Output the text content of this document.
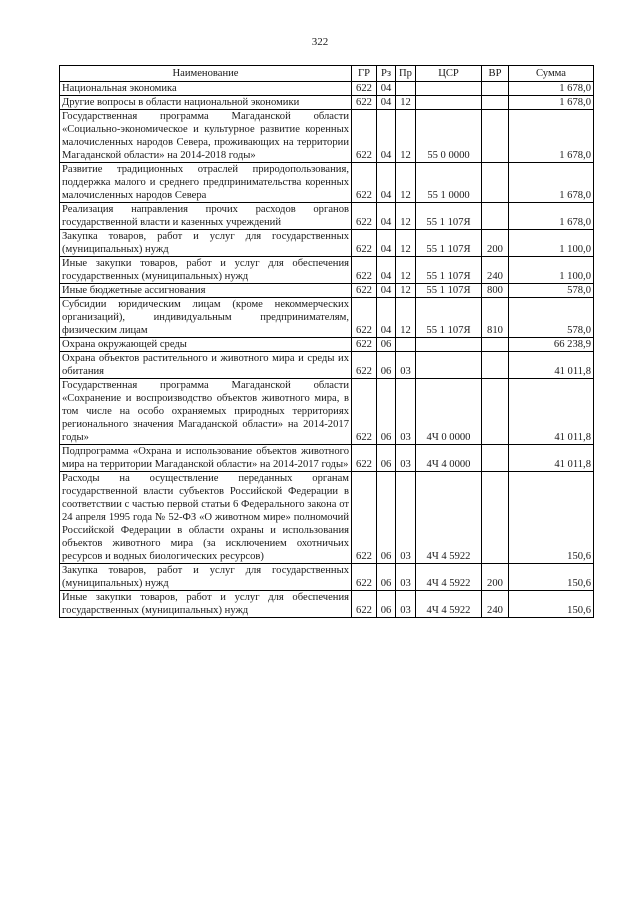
322
Наименование	ГР	Рз	Пр	ЦСР	ВР	Сумма
Национальная экономика	622	04				1 678,0
Другие вопросы в области национальной экономики	622	04	12			1 678,0
Государственная программа Магаданской области «Социально-экономическое и культурное развитие коренных малочисленных народов Севера, проживающих на территории Магаданской области» на 2014-2018 годы»	622	04	12	55 0 0000		1 678,0
Развитие традиционных отраслей природопользования, поддержка малого и среднего предпринимательства коренных малочисленных народов Севера	622	04	12	55 1 0000		1 678,0
Реализация направления прочих расходов органов государственной власти и казенных учреждений	622	04	12	55 1 107Я		1 678,0
Закупка товаров, работ и услуг для государственных (муниципальных) нужд	622	04	12	55 1 107Я	200	1 100,0
Иные закупки товаров, работ и услуг для обеспечения государственных (муниципальных) нужд	622	04	12	55 1 107Я	240	1 100,0
Иные бюджетные ассигнования	622	04	12	55 1 107Я	800	578,0
Субсидии юридическим лицам (кроме некоммерческих организаций), индивидуальным предпринимателям, физическим лицам	622	04	12	55 1 107Я	810	578,0
Охрана окружающей среды	622	06				66 238,9
Охрана объектов растительного и животного мира и среды их обитания	622	06	03			41 011,8
Государственная программа Магаданской области «Сохранение и воспроизводство объектов животного мира, в том числе на особо охраняемых природных территориях регионального значения Магаданской области» на 2014-2017 годы»	622	06	03	4Ч 0 0000		41 011,8
Подпрограмма «Охрана и использование объектов животного мира на территории Магаданской области» на 2014-2017 годы»	622	06	03	4Ч 4 0000		41 011,8
Расходы на осуществление переданных органам государственной власти субъектов Российской Федерации в соответствии с частью первой статьи 6 Федерального закона от 24 апреля 1995 года № 52-ФЗ «О животном мире» полномочий Российской Федерации в области охраны и использования объектов животного мира (за исключением охотничьих ресурсов и водных биологических ресурсов)	622	06	03	4Ч 4 5922		150,6
Закупка товаров, работ и услуг для государственных (муниципальных) нужд	622	06	03	4Ч 4 5922	200	150,6
Иные закупки товаров, работ и услуг для обеспечения государственных (муниципальных) нужд	622	06	03	4Ч 4 5922	240	150,6
